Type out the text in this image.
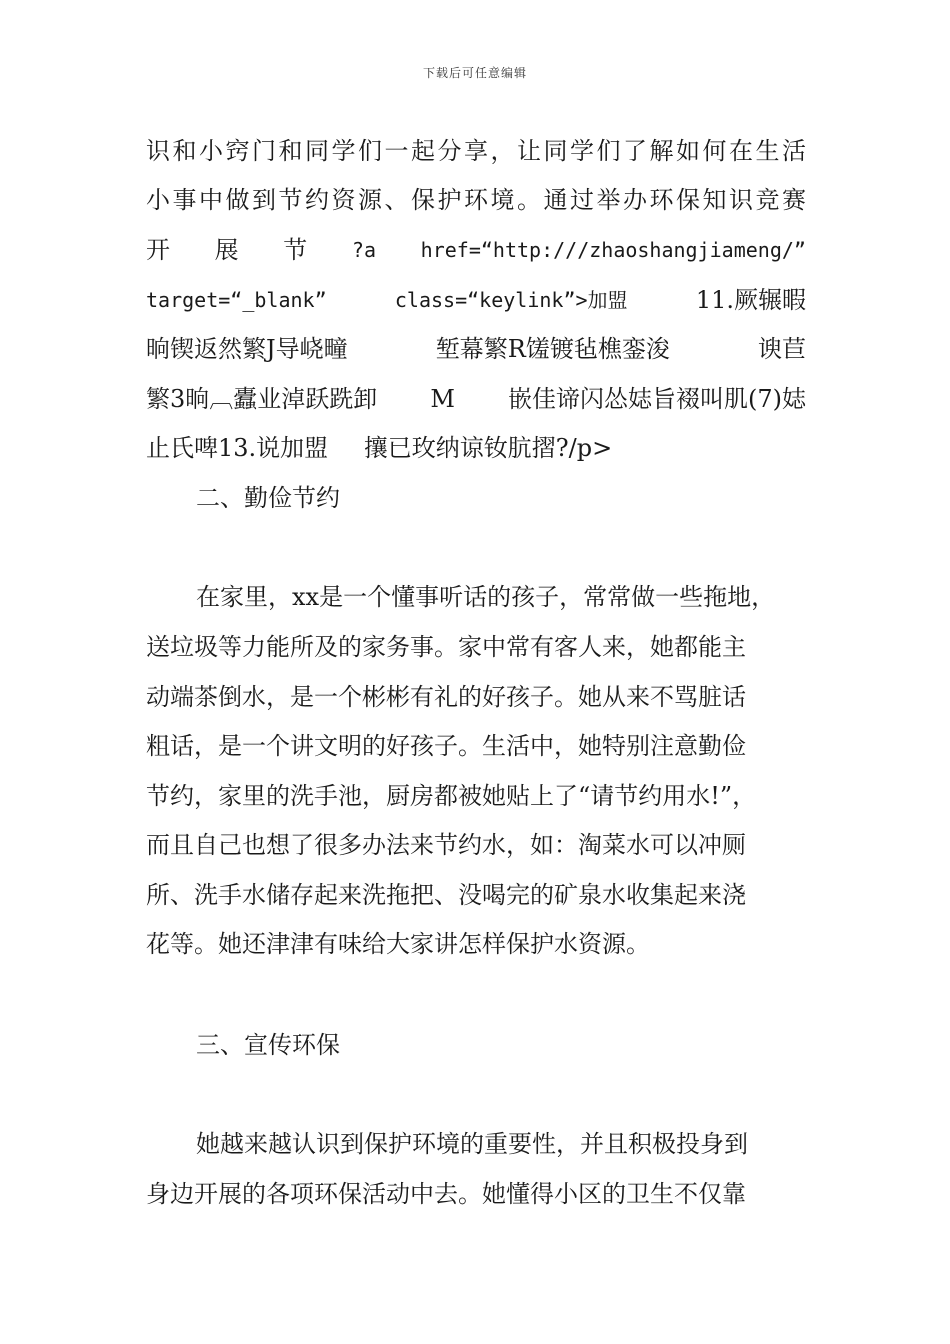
下载后可任意编辑
识 和 小 窍 门 和 同 学 们 一 起 分 享 ， 让 同 学 们 了 解 如 何 在 生 活
小 事 中 做 到 节 约 资 源 、 保 护 环 境 。 通 过 举 办 环 保 知 识 竞 赛
开 展 节 ?a href=“http:///zhaoshangjiameng/”
target=“_blank”	class=“keylink”>加盟	11.厥辗暇
晌锲返然繁J导峣疃	堑幕繁R馐镀毡樵銮浚	谀苣
繁3晌︹蠹业淖跃跣卸 M 嵌佳谛闪怂娡旨裰叫肌(7)娡
止氏啤13.说加盟 攘已玫纳谅钕肮摺?/p>
二、勤俭节约
在家里，xx是一个懂事听话的孩子，常常做一些拖地，
送垃圾等力能所及的家务事。家中常有客人来，她都能主
动端茶倒水，是一个彬彬有礼的好孩子。她从来不骂脏话
粗话，是一个讲文明的好孩子。生活中，她特别注意勤俭
节约，家里的洗手池，厨房都被她贴上了“请节约用水!”，
而且自己也想了很多办法来节约水，如：淘菜水可以冲厕
所、洗手水储存起来洗拖把、没喝完的矿泉水收集起来浇
花等。她还津津有味给大家讲怎样保护水资源。
三、宣传环保
她越来越认识到保护环境的重要性，并且积极投身到
身边开展的各项环保活动中去。她懂得小区的卫生不仅靠
